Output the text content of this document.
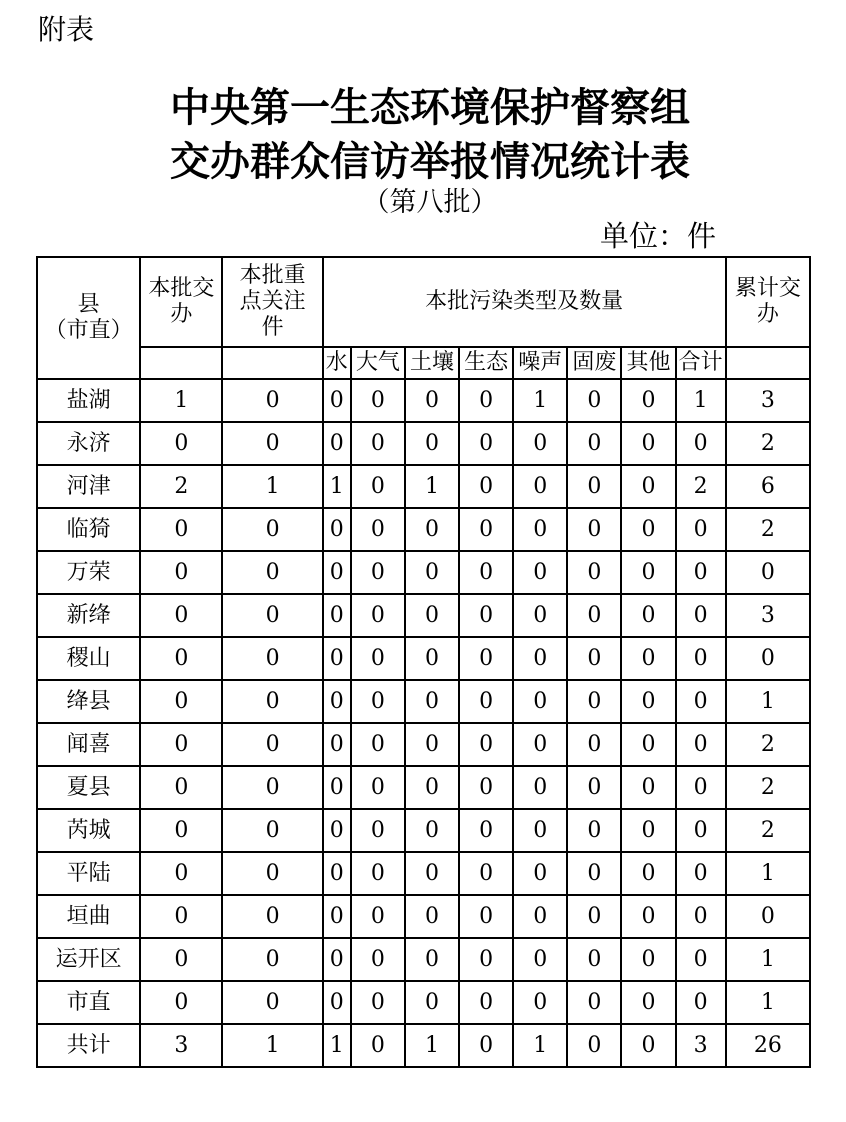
附表
中央第一生态环境保护督察组
交办群众信访举报情况统计表
（第八批）
单位：件
县
（市直）	本批交办	本批重点关注件	本批污染类型及数量								累计交办

			水	大气	土壤	生态	噪声	固废	其他	合计	
盐湖	1	0	0	0	0	0	1	0	0	1	3
永济	0	0	0	0	0	0	0	0	0	0	2
河津	2	1	1	0	1	0	0	0	0	2	6
临猗	0	0	0	0	0	0	0	0	0	0	2
万荣	0	0	0	0	0	0	0	0	0	0	0
新绛	0	0	0	0	0	0	0	0	0	0	3
稷山	0	0	0	0	0	0	0	0	0	0	0
绛县	0	0	0	0	0	0	0	0	0	0	1
闻喜	0	0	0	0	0	0	0	0	0	0	2
夏县	0	0	0	0	0	0	0	0	0	0	2
芮城	0	0	0	0	0	0	0	0	0	0	2
平陆	0	0	0	0	0	0	0	0	0	0	1
垣曲	0	0	0	0	0	0	0	0	0	0	0
运开区	0	0	0	0	0	0	0	0	0	0	1
市直	0	0	0	0	0	0	0	0	0	0	1
共计	3	1	1	0	1	0	1	0	0	3	26
